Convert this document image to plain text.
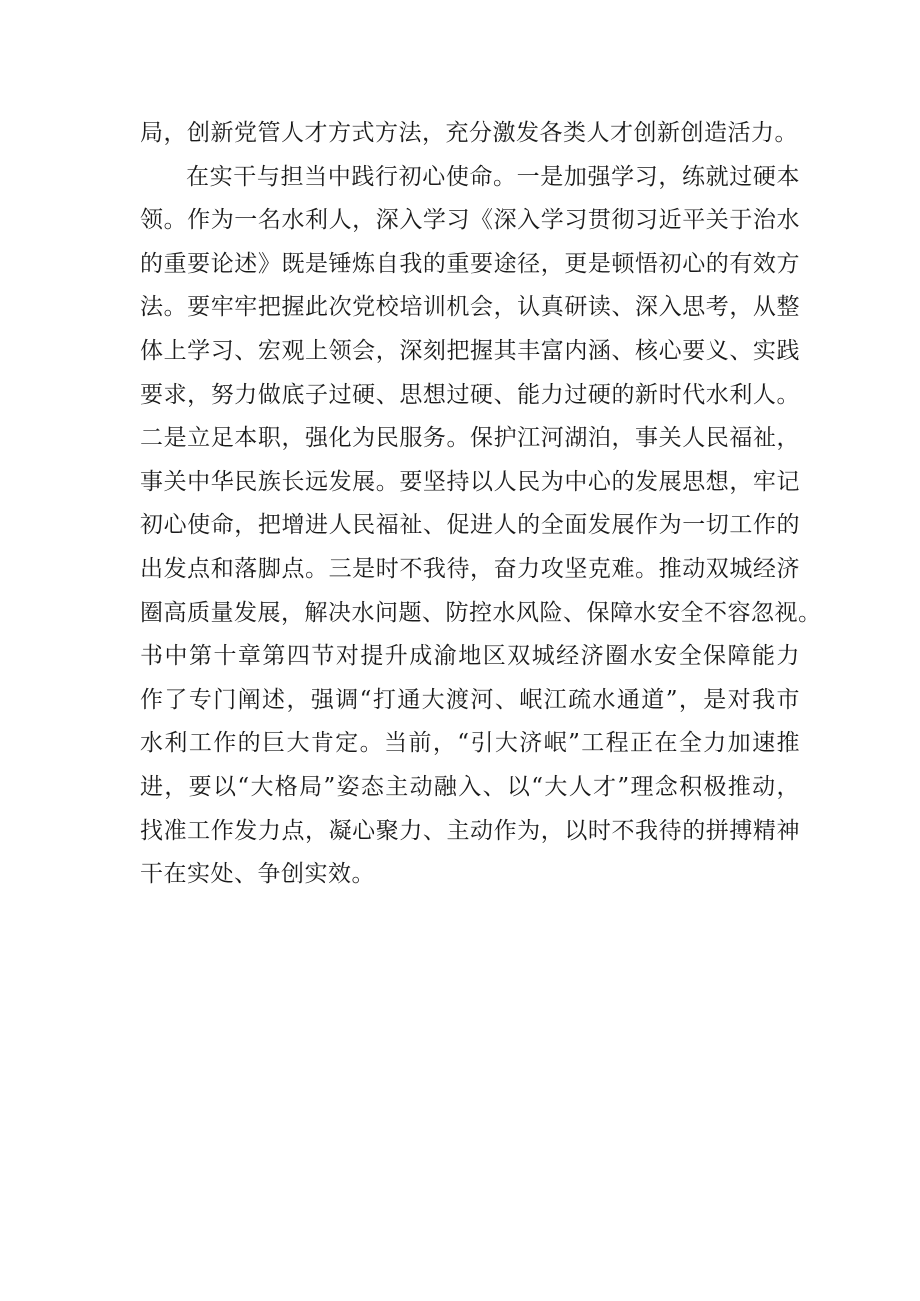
局，创新党管人才方式方法，充分激发各类人才创新创造活力。
在实干与担当中践行初心使命。一是加强学习，练就过硬本
领。作为一名水利人，深入学习《深入学习贯彻习近平关于治水
的重要论述》既是锤炼自我的重要途径，更是顿悟初心的有效方
法。要牢牢把握此次党校培训机会，认真研读、深入思考，从整
体上学习、宏观上领会，深刻把握其丰富内涵、核心要义、实践
要求，努力做底子过硬、思想过硬、能力过硬的新时代水利人。
二是立足本职，强化为民服务。保护江河湖泊，事关人民福祉，
事关中华民族长远发展。要坚持以人民为中心的发展思想，牢记
初心使命，把增进人民福祉、促进人的全面发展作为一切工作的
出发点和落脚点。三是时不我待，奋力攻坚克难。推动双城经济
圈高质量发展，解决水问题、防控水风险、保障水安全不容忽视。
书中第十章第四节对提升成渝地区双城经济圈水安全保障能力
作了专门阐述，强调“打通大渡河、岷江疏水通道”，是对我市
水利工作的巨大肯定。当前，“引大济岷”工程正在全力加速推
进，要以“大格局”姿态主动融入、以“大人才”理念积极推动，
找准工作发力点，凝心聚力、主动作为，以时不我待的拼搏精神
干在实处、争创实效。
